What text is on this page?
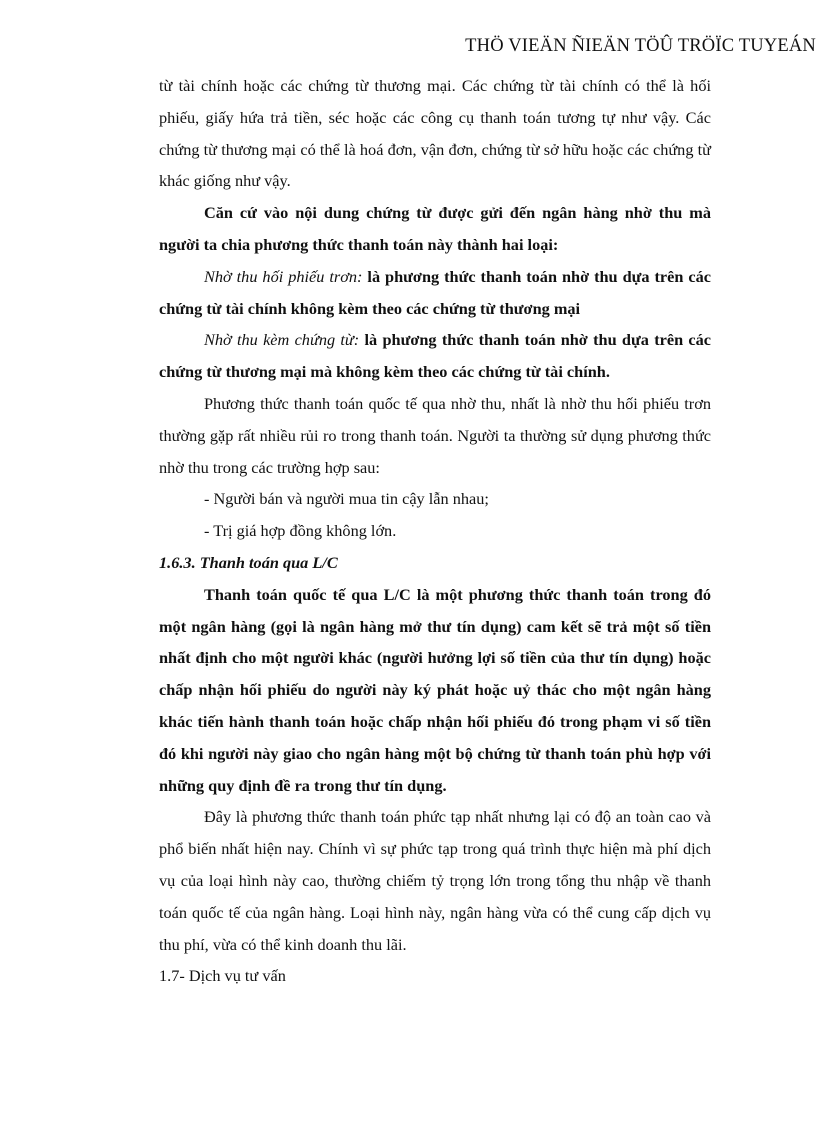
THÖ VIEÄN ÑIEÄN TÖÛ TRÖÏC TUYEÁN

từ tài chính hoặc các chứng từ thương mại. Các chứng từ tài chính có thể là hối phiếu, giấy hứa trả tiền, séc hoặc các công cụ thanh toán tương tự như vậy. Các chứng từ thương mại có thể là hoá đơn, vận đơn, chứng từ sở hữu hoặc các chứng từ khác giống như vậy.

Căn cứ vào nội dung chứng từ được gửi đến ngân hàng nhờ thu mà người ta chia phương thức thanh toán này thành hai loại:

Nhờ thu hối phiếu trơn: là phương thức thanh toán nhờ thu dựa trên các chứng từ tài chính không kèm theo các chứng từ thương mại

Nhờ thu kèm chứng từ: là phương thức thanh toán nhờ thu dựa trên các chứng từ thương mại mà không kèm theo các chứng từ tài chính.

Phương thức thanh toán quốc tế qua nhờ thu, nhất là nhờ thu hối phiếu trơn thường gặp rất nhiều rủi ro trong thanh toán. Người ta thường sử dụng phương thức nhờ thu trong các trường hợp sau:

- Người bán và người mua tin cậy lẫn nhau;

- Trị giá hợp đồng không lớn.

1.6.3. Thanh toán qua L/C

Thanh toán quốc tế qua L/C là một phương thức thanh toán trong đó một ngân hàng (gọi là ngân hàng mở thư tín dụng) cam kết sẽ trả một số tiền nhất định cho một người khác (người hưởng lợi số tiền của thư tín dụng) hoặc chấp nhận hối phiếu do người này ký phát hoặc uỷ thác cho một ngân hàng khác tiến hành thanh toán hoặc chấp nhận hối phiếu đó trong phạm vi số tiền đó khi người này giao cho ngân hàng một bộ chứng từ thanh toán phù hợp với những quy định đề ra trong thư tín dụng.

Đây là phương thức thanh toán phức tạp nhất nhưng lại có độ an toàn cao và phổ biến nhất hiện nay. Chính vì sự phức tạp trong quá trình thực hiện mà phí dịch vụ của loại hình này cao, thường chiếm tỷ trọng lớn trong tổng thu nhập về thanh toán quốc tế của ngân hàng. Loại hình này, ngân hàng vừa có thể cung cấp dịch vụ thu phí, vừa có thể kinh doanh thu lãi.

1.7- Dịch vụ tư vấn
